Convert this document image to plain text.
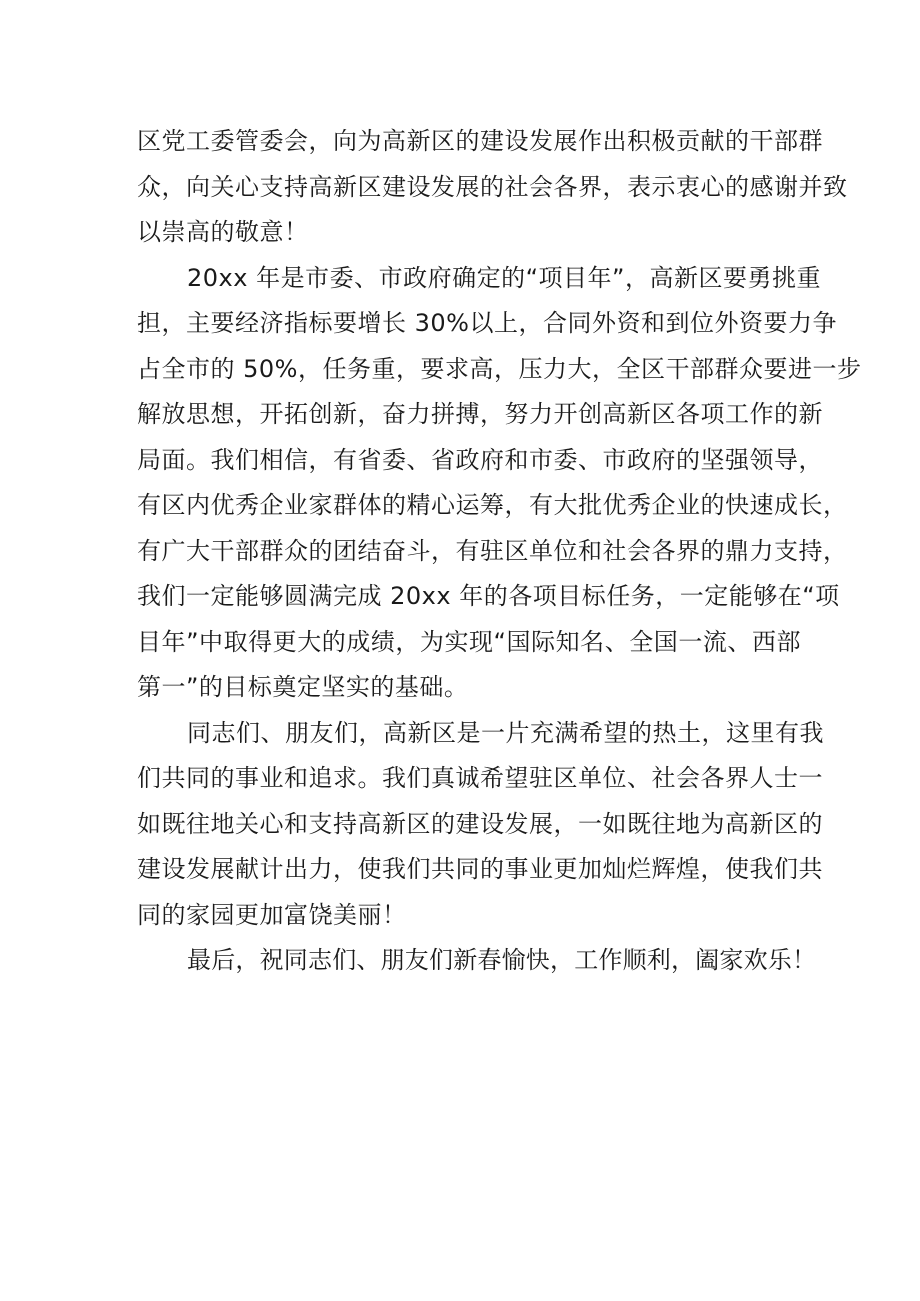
区党工委管委会，向为高新区的建设发展作出积极贡献的干部群
众，向关心支持高新区建设发展的社会各界，表示衷心的感谢并致
以崇高的敬意！
20xx 年是市委、市政府确定的“项目年”，高新区要勇挑重
担，主要经济指标要增长 30%以上，合同外资和到位外资要力争
占全市的 50%，任务重，要求高，压力大，全区干部群众要进一步
解放思想，开拓创新，奋力拼搏，努力开创高新区各项工作的新
局面。我们相信，有省委、省政府和市委、市政府的坚强领导，
有区内优秀企业家群体的精心运筹，有大批优秀企业的快速成长，
有广大干部群众的团结奋斗，有驻区单位和社会各界的鼎力支持，
我们一定能够圆满完成 20xx 年的各项目标任务，一定能够在“项
目年”中取得更大的成绩，为实现“国际知名、全国一流、西部
第一”的目标奠定坚实的基础。
同志们、朋友们，高新区是一片充满希望的热土，这里有我
们共同的事业和追求。我们真诚希望驻区单位、社会各界人士一
如既往地关心和支持高新区的建设发展，一如既往地为高新区的
建设发展献计出力，使我们共同的事业更加灿烂辉煌，使我们共
同的家园更加富饶美丽！
最后，祝同志们、朋友们新春愉快，工作顺利，阖家欢乐！
